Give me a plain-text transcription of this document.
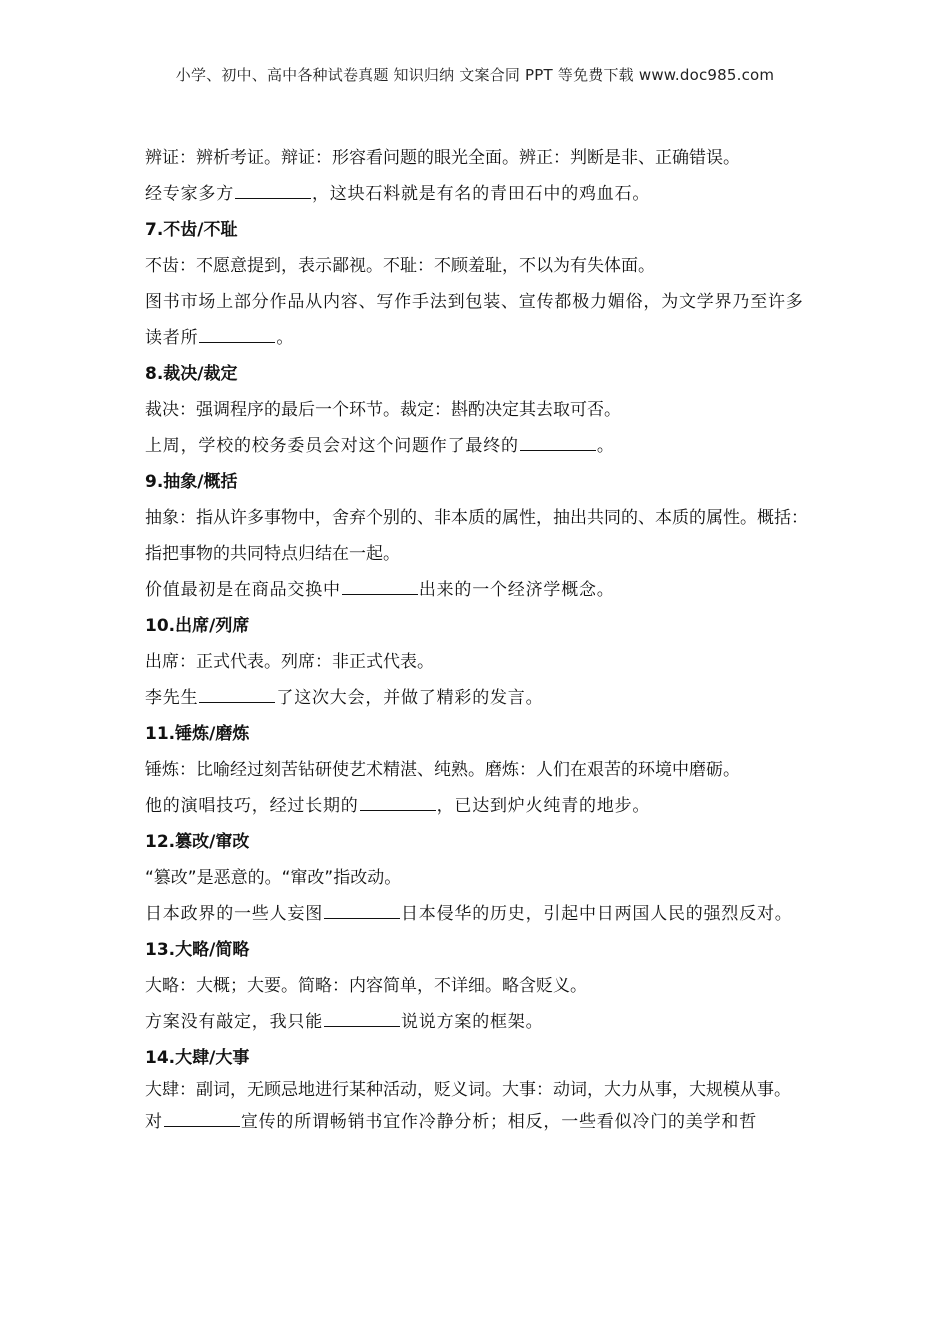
小学、初中、高中各种试卷真题 知识归纳 文案合同 PPT 等免费下载 www.doc985.com
辨证：辨析考证。辩证：形容看问题的眼光全面。辨正：判断是非、正确错误。
经专家多方	，这块石料就是有名的青田石中的鸡血石。
7.不齿/不耻
不齿：不愿意提到，表示鄙视。不耻：不顾羞耻，不以为有失体面。
图书市场上部分作品从内容、写作手法到包装、宣传都极力媚俗，为文学界乃至许多读者所	。
8.裁决/裁定
裁决：强调程序的最后一个环节。裁定：斟酌决定其去取可否。
上周，学校的校务委员会对这个问题作了最终的	。
9.抽象/概括
抽象：指从许多事物中，舍弃个别的、非本质的属性，抽出共同的、本质的属性。概括：指把事物的共同特点归结在一起。
价值最初是在商品交换中	出来的一个经济学概念。
10.出席/列席
出席：正式代表。列席：非正式代表。
李先生	了这次大会，并做了精彩的发言。
11.锤炼/磨炼
锤炼：比喻经过刻苦钻研使艺术精湛、纯熟。磨炼：人们在艰苦的环境中磨砺。
他的演唱技巧，经过长期的	，已达到炉火纯青的地步。
12.篡改/窜改
“篡改”是恶意的。“窜改”指改动。
日本政界的一些人妄图	日本侵华的历史，引起中日两国人民的强烈反对。
13.大略/简略
大略：大概；大要。简略：内容简单，不详细。略含贬义。
方案没有敲定，我只能	说说方案的框架。
14.大肆/大事
大肆：副词，无顾忌地进行某种活动，贬义词。大事：动词，大力从事，大规模从事。
对	宣传的所谓畅销书宜作冷静分析；相反，一些看似冷门的美学和哲
